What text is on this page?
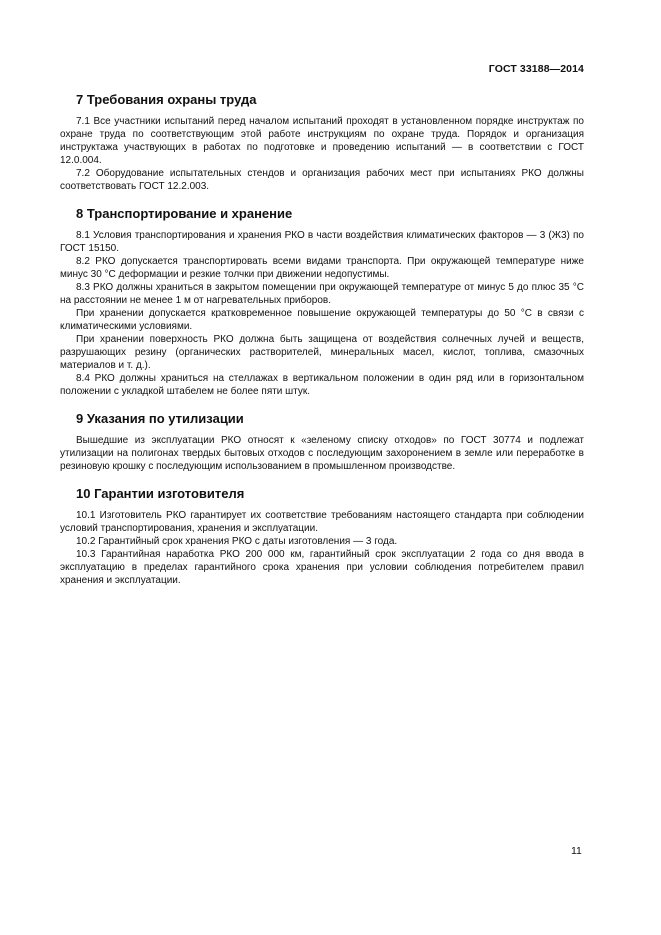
ГОСТ 33188—2014
7 Требования охраны труда

7.1 Все участники испытаний перед началом испытаний проходят в установленном порядке инструктаж по охране труда по соответствующим этой работе инструкциям по охране труда. Порядок и организация инструктажа участвующих в работах по подготовке и проведению испытаний — в соответствии с ГОСТ 12.0.004.

7.2 Оборудование испытательных стендов и организация рабочих мест при испытаниях РКО должны соответствовать ГОСТ 12.2.003.

8 Транспортирование и хранение

8.1 Условия транспортирования и хранения РКО в части воздействия климатических факторов — 3 (Ж3) по ГОСТ 15150.

8.2 РКО допускается транспортировать всеми видами транспорта. При окружающей температуре ниже минус 30 °С деформации и резкие толчки при движении недопустимы.

8.3 РКО должны храниться в закрытом помещении при окружающей температуре от минус 5 до плюс 35 °С на расстоянии не менее 1 м от нагревательных приборов.

При хранении допускается кратковременное повышение окружающей температуры до 50 °С в связи с климатическими условиями.

При хранении поверхность РКО должна быть защищена от воздействия солнечных лучей и веществ, разрушающих резину (органических растворителей, минеральных масел, кислот, топлива, смазочных материалов и т. д.).

8.4 РКО должны храниться на стеллажах в вертикальном положении в один ряд или в горизонтальном положении с укладкой штабелем не более пяти штук.

9 Указания по утилизации

Вышедшие из эксплуатации РКО относят к «зеленому списку отходов» по ГОСТ 30774 и подлежат утилизации на полигонах твердых бытовых отходов с последующим захоронением в земле или переработке в резиновую крошку с последующим использованием в промышленном производстве.

10 Гарантии изготовителя

10.1 Изготовитель РКО гарантирует их соответствие требованиям настоящего стандарта при соблюдении условий транспортирования, хранения и эксплуатации.

10.2 Гарантийный срок хранения РКО с даты изготовления — 3 года.

10.3 Гарантийная наработка РКО 200 000 км, гарантийный срок эксплуатации 2 года со дня ввода в эксплуатацию в пределах гарантийного срока хранения при условии соблюдения потребителем правил хранения и эксплуатации.

11
